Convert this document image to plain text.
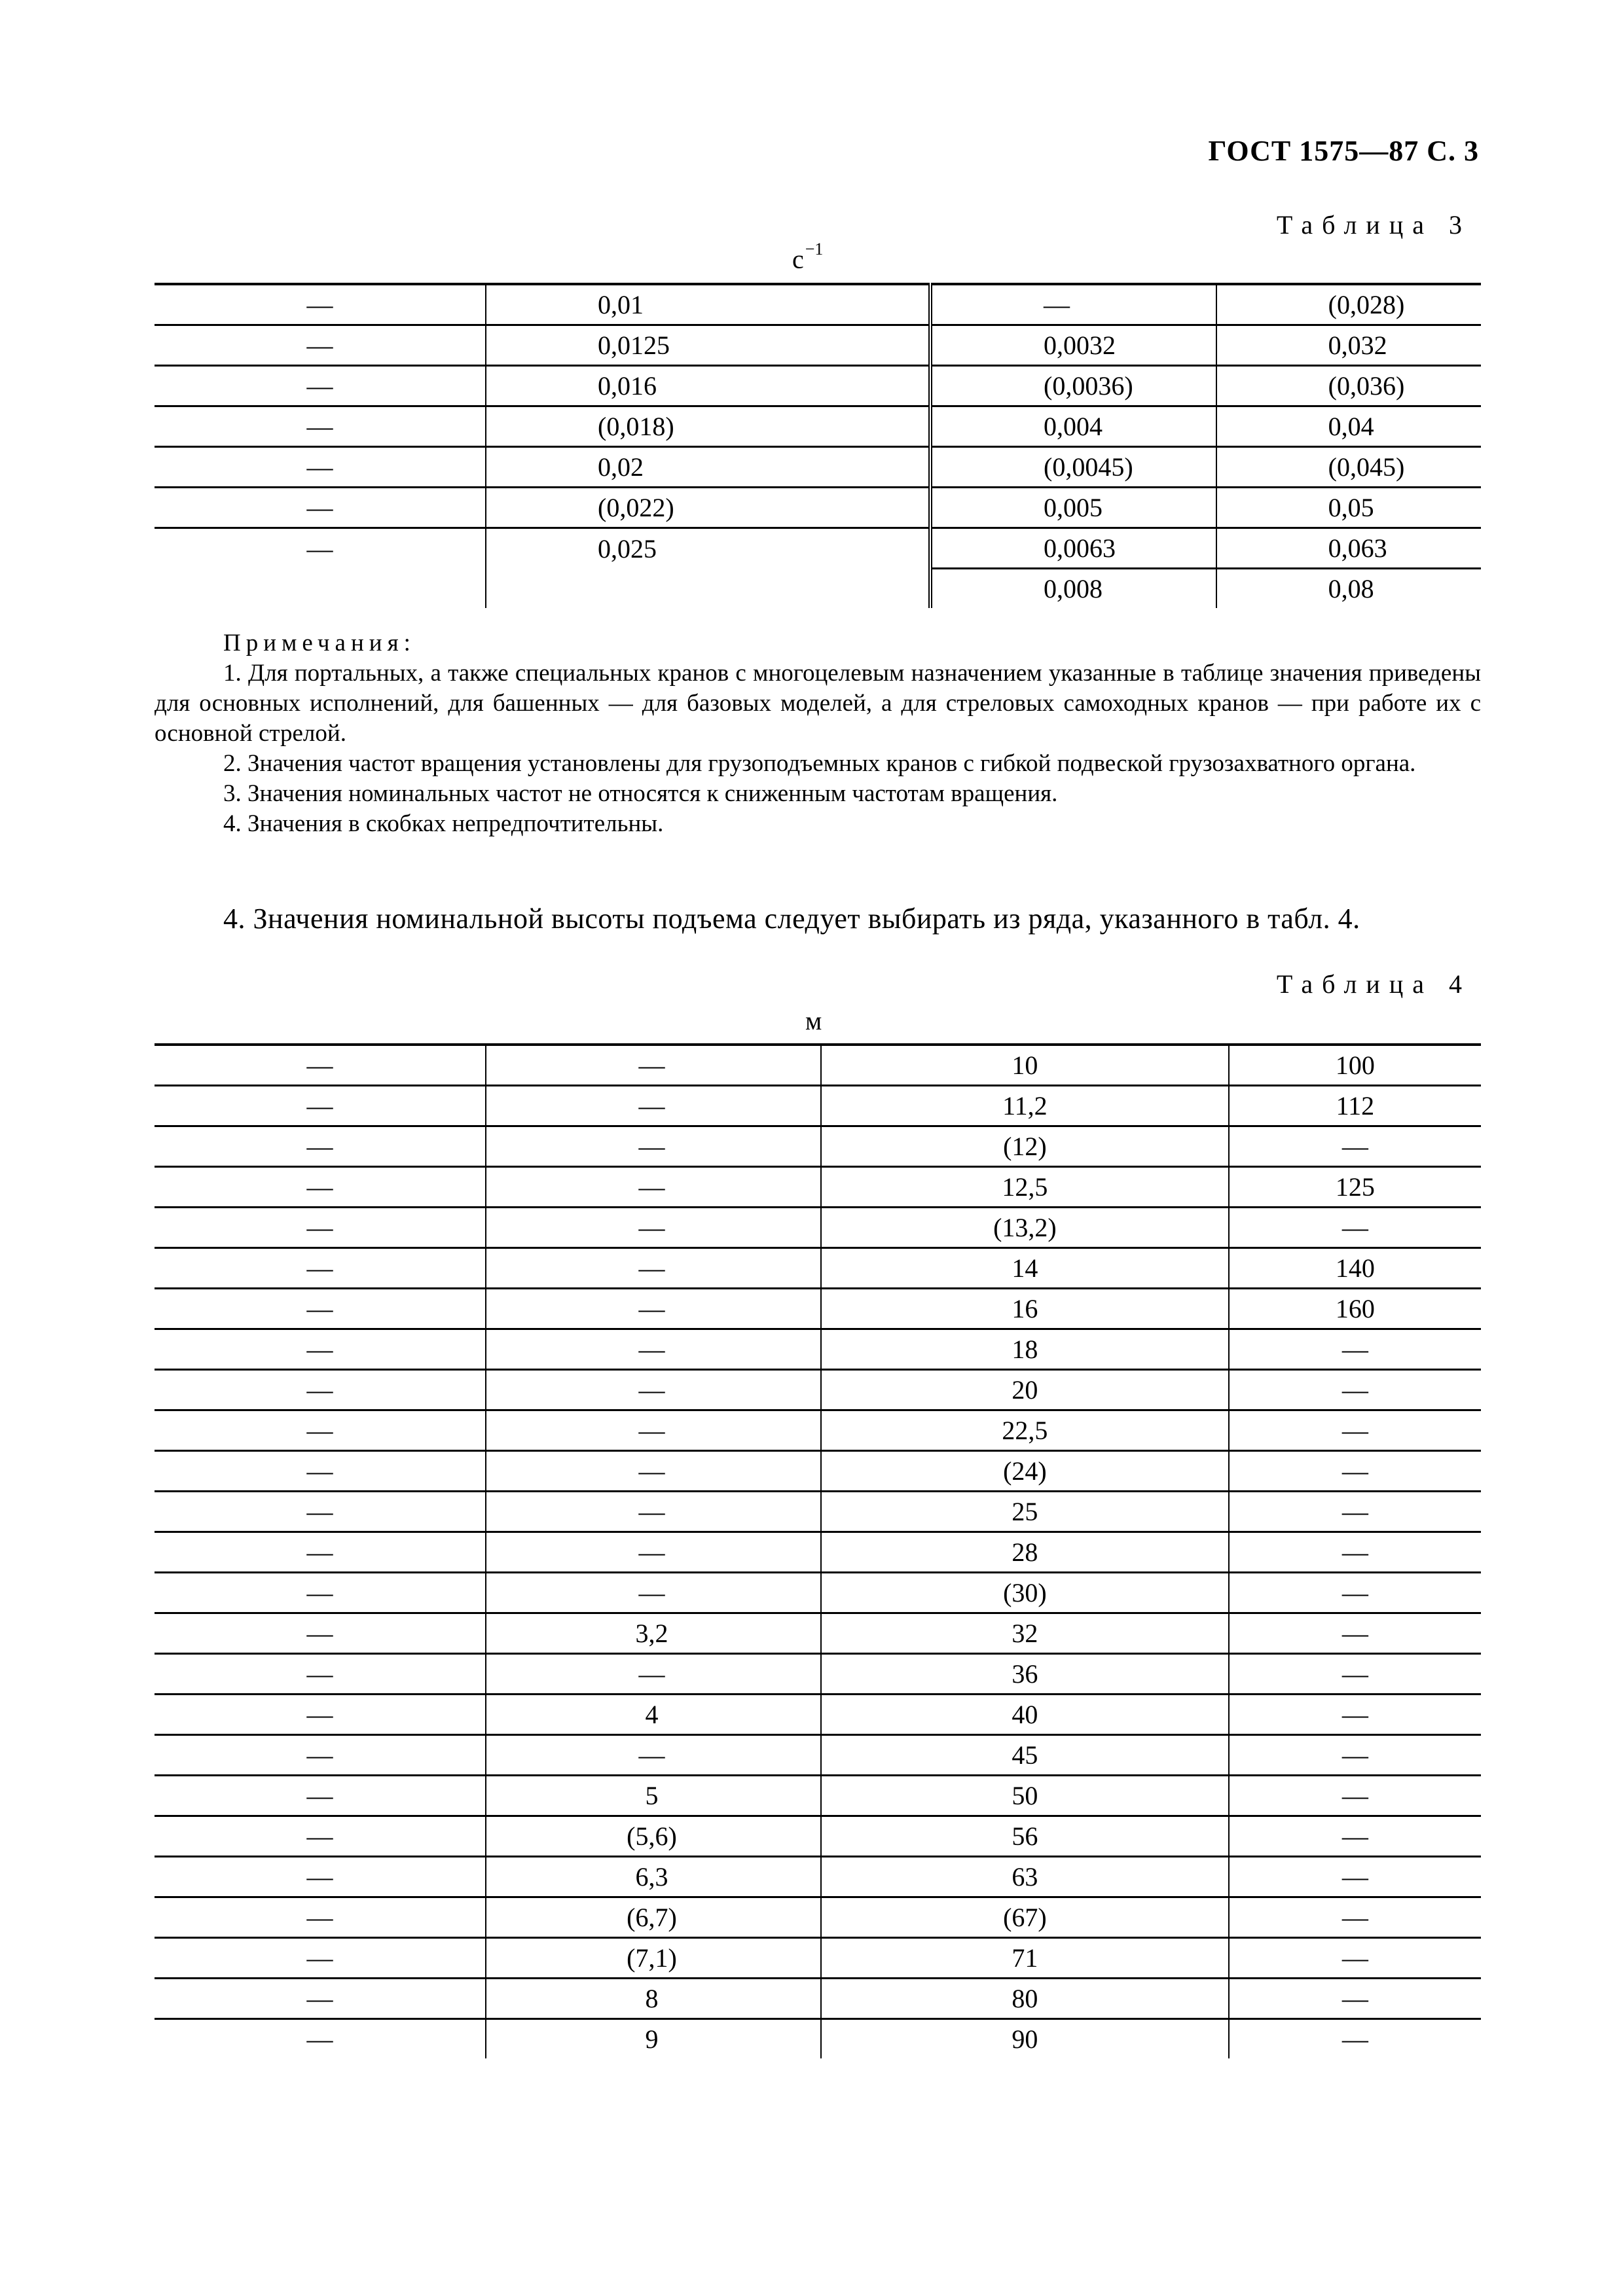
ГОСТ 1575—87 С. 3
Таблица 3
$с^{-1}$
—	0,01	—	(0,028)
—	0,0125	0,0032	0,032
—	0,016	(0,0036)	(0,036)
—	(0,018)	0,004	0,04
—	0,02	(0,0045)	(0,045)
—	(0,022)	0,005	0,05
—	0,025	0,0063	0,063
		0,008	0,08
Примечания:

1. Для портальных, а также специальных кранов с многоцелевым назначением указанные в таблице значения приведены для основных исполнений, для башенных — для базовых моделей, а для стреловых самоходных кранов — при работе их с основной стрелой.

2. Значения частот вращения установлены для грузоподъемных кранов с гибкой подвеской грузозахватного органа.

3. Значения номинальных частот не относятся к сниженным частотам вращения.

4. Значения в скобках непредпочтительны.

4. Значения номинальной высоты подъема следует выбирать из ряда, указанного в табл. 4.
Таблица 4
м
—	—	10	100
—	—	11,2	112
—	—	(12)	—
—	—	12,5	125
—	—	(13,2)	—
—	—	14	140
—	—	16	160
—	—	18	—
—	—	20	—
—	—	22,5	—
—	—	(24)	—
—	—	25	—
—	—	28	—
—	—	(30)	—
—	3,2	32	—
—	—	36	—
—	4	40	—
—	—	45	—
—	5	50	—
—	(5,6)	56	—
—	6,3	63	—
—	(6,7)	(67)	—
—	(7,1)	71	—
—	8	80	—
—	9	90	—
